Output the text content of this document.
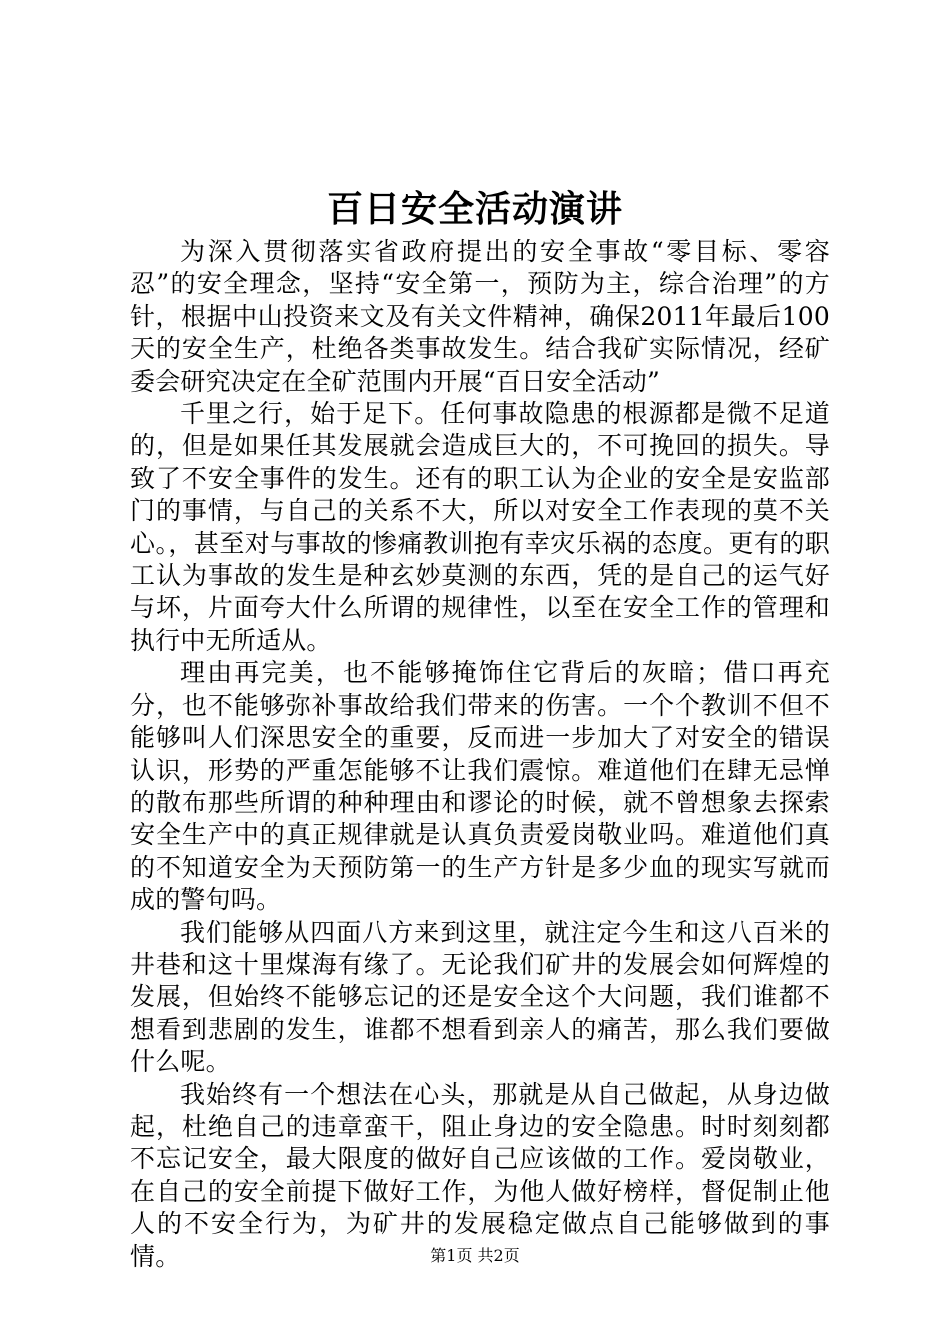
百日安全活动演讲

为深入贯彻落实省政府提出的安全事故“零目标、零容忍”的安全理念，坚持“安全第一，预防为主，综合治理”的方针，根据中山投资来文及有关文件精神，确保2011年最后100天的安全生产，杜绝各类事故发生。结合我矿实际情况，经矿委会研究决定在全矿范围内开展“百日安全活动”

千里之行，始于足下。任何事故隐患的根源都是微不足道的，但是如果任其发展就会造成巨大的，不可挽回的损失。导致了不安全事件的发生。还有的职工认为企业的安全是安监部门的事情，与自己的关系不大，所以对安全工作表现的莫不关心。，甚至对与事故的惨痛教训抱有幸灾乐祸的态度。更有的职工认为事故的发生是种玄妙莫测的东西，凭的是自己的运气好与坏，片面夸大什么所谓的规律性，以至在安全工作的管理和执行中无所适从。

理由再完美，也不能够掩饰住它背后的灰暗；借口再充分，也不能够弥补事故给我们带来的伤害。一个个教训不但不能够叫人们深思安全的重要，反而进一步加大了对安全的错误认识，形势的严重怎能够不让我们震惊。难道他们在肆无忌惮的散布那些所谓的种种理由和谬论的时候，就不曾想象去探索安全生产中的真正规律就是认真负责爱岗敬业吗。难道他们真的不知道安全为天预防第一的生产方针是多少血的现实写就而成的警句吗。

我们能够从四面八方来到这里，就注定今生和这八百米的井巷和这十里煤海有缘了。无论我们矿井的发展会如何辉煌的发展，但始终不能够忘记的还是安全这个大问题，我们谁都不想看到悲剧的发生，谁都不想看到亲人的痛苦，那么我们要做什么呢。

我始终有一个想法在心头，那就是从自己做起，从身边做起，杜绝自己的违章蛮干，阻止身边的安全隐患。时时刻刻都不忘记安全，最大限度的做好自己应该做的工作。爱岗敬业，在自己的安全前提下做好工作，为他人做好榜样，督促制止他人的不安全行为，为矿井的发展稳定做点自己能够做到的事情。	第1页 共2页
